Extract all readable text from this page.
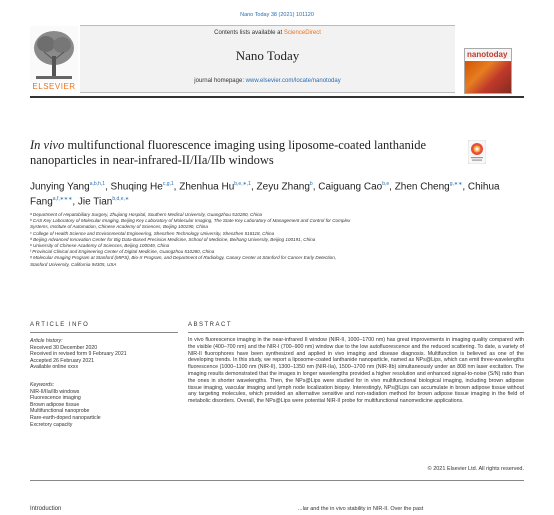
Nano Today 38 (2021) 101120
Contents lists available at ScienceDirect
Nano Today
journal homepage: www.elsevier.com/locate/nanotoday
ELSEVIER
nanotoday
In vivo multifunctional fluorescence imaging using liposome-coated lanthanide nanoparticles in near-infrared-II/IIa/IIb windows
Junying Yang$^{a,b,h,1}$, Shuqing He$^{c,g,1}$, Zhenhua $Hu^{b,e,∗,1}$, Zeyu Zhang$^b$, Caiguang Cao$^{b,e}$, Zhen Cheng$^{g,∗∗}$, Chihua Fang$^{a,f,∗∗∗}$, Jie Tian$^{b,d,e,∗}$
ᵃ Department of Hepatobiliary Surgery, Zhujiang Hospital, Southern Medical University, Guangzhou 510280, China
ᵇ CAS Key Laboratory of Molecular Imaging, Beijing Key Laboratory of Molecular Imaging, The State Key Laboratory of Management and Control for Complex
Systems, Institute of Automation, Chinese Academy of Sciences, Beijing 100190, China
ᶜ College of Health Science and Environmental Engineering, Shenzhen Technology University, Shenzhen 518118, China
ᵈ Beijing Advanced Innovation Center for Big Data-Based Precision Medicine, School of Medicine, Beihang University, Beijing 100191, China
ᵉ University of Chinese Academy of Sciences, Beijing 100049, China
ᶠ Provincial Clinical and Engineering Center of Digital Medicine, Guangzhou 510280, China
ᵍ Molecular Imaging Program at Stanford (MIPS), Bio-X Program, and Department of Radiology, Canary Center at Stanford for Cancer Early Detection,
Stanford University, California 94305, USA
ARTICLE INFO	ABSTRACT
Article history:
Received 30 December 2020
Received in revised form 9 February 2021
Accepted 26 February 2021
Available online xxxx
Keywords:
NIR-II/IIa/IIb windows
Fluorescence imaging
Brown adipose tissue
Multifunctional nanoprobe
Rare-earth-doped nanoparticle
Excretory capacity
In vivo fluorescence imaging in the near-infrared II window (NIR-II, 1000–1700 nm) has great improvements in imaging quality compared with the visible (400–700 nm) and the NIR-I (700–900 nm) window due to the low autofluorescence and the reduced scattering. To date, a variety of NIR-II fluorophores have been synthesized and applied in vivo imaging and disease diagnosis. Multifunction is believed as one of the developing trends. In this study, we report a liposome-coated lanthanide nanoparticle, named as NPs@Lips, which can emit three-wavelengths fluorescence (1000–1100 nm (NIR-II), 1300–1350 nm (NIR-IIa), 1500–1700 nm (NIR-IIb) simultaneously under an 808 nm laser excitation. The imaging results demonstrated that the images in longer wavelengths provided a higher resolution and enhanced signal-to-noise (S/N) ratio than the ones in shorter wavelengths. Then, the NPs@Lips were studied for in vivo multifunctional biological imaging, including brown adipose tissue imaging, vascular imaging and lymph node localization biopsy. Interestingly, NPs@Lips can accumulate in brown adipose tissue without any targeting molecules, which provided an alternative sensitive and non-radiation method for brown adipose tissue imaging in the field of metabolic disorders. Overall, the NPs@Lips were potential NIR-II probe for multifunctional nanomedicine applications.
© 2021 Elsevier Ltd. All rights reserved.
Introduction	...lar and the in vivo stability in NIR-II. Over the past
